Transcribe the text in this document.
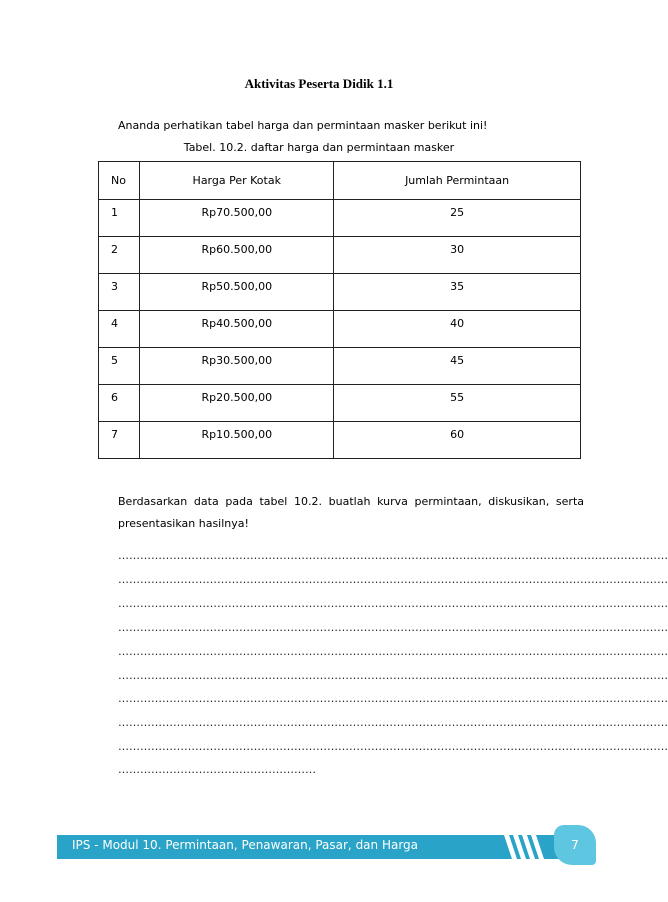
Aktivitas Peserta Didik 1.1
Ananda perhatikan tabel harga dan permintaan masker berikut ini!
Tabel. 10.2. daftar harga dan permintaan masker
No	Harga Per Kotak	Jumlah Permintaan
1	Rp70.500,00	25
2	Rp60.500,00	30
3	Rp50.500,00	35
4	Rp40.500,00	40
5	Rp30.500,00	45
6	Rp20.500,00	55
7	Rp10.500,00	60
Berdasarkan data pada tabel 10.2. buatlah kurva permintaan, diskusikan, serta presentasikan hasilnya!
……………………………………………………………………………………………………………………………………
……………………………………………………………………………………………………………………………………
……………………………………………………………………………………………………………………………………
……………………………………………………………………………………………………………………………………
……………………………………………………………………………………………………………………………………
……………………………………………………………………………………………………………………………………
……………………………………………………………………………………………………………………………………
……………………………………………………………………………………………………………………………………
……………………………………………………………………………………………………………………………………
………………………………………………
IPS - Modul 10. Permintaan, Penawaran, Pasar, dan Harga	7
